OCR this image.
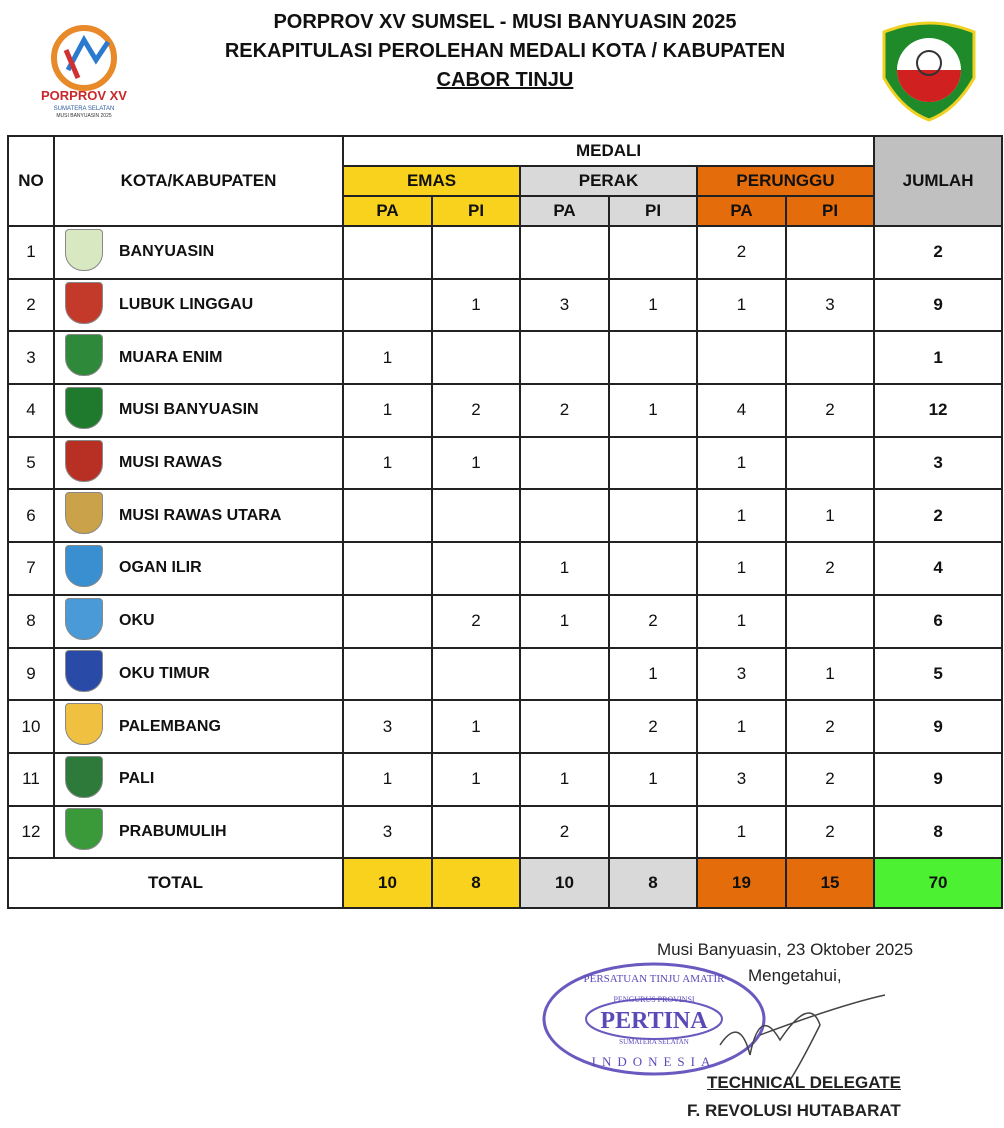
PORPROV XV
SUMATERA SELATAN
MUSI BANYUASIN 2025
PORPROV XV SUMSEL - MUSI BANYUASIN 2025
REKAPITULASI PEROLEHAN MEDALI KOTA / KABUPATEN
CABOR TINJU
NO	KOTA/KABUPATEN		MEDALI						JUMLAH
			EMAS		PERAK		PERUNGGU		
			PA	PI	PA	PI	PA	PI	
1		BANYUASIN					2		2
2		LUBUK LINGGAU		1	3	1	1	3	9
3		MUARA ENIM	1						1
4		MUSI BANYUASIN	1	2	2	1	4	2	12
5		MUSI RAWAS	1	1			1		3
6		MUSI RAWAS UTARA					1	1	2
7		OGAN ILIR			1		1	2	4
8		OKU		2	1	2	1		6
9		OKU TIMUR				1	3	1	5
10		PALEMBANG	3	1		2	1	2	9
11		PALI	1	1	1	1	3	2	9
12		PRABUMULIH	3		2		1	2	8
TOTAL			10	8	10	8	19	15	70
Musi Banyuasin, 23 Oktober 2025
Mengetahui,
PERTINA
PENGURUS PROVINSI
SUMATERA SELATAN
PERSATUAN TINJU AMATIR
INDONESIA
TECHNICAL DELEGATE
F. REVOLUSI HUTABARAT
